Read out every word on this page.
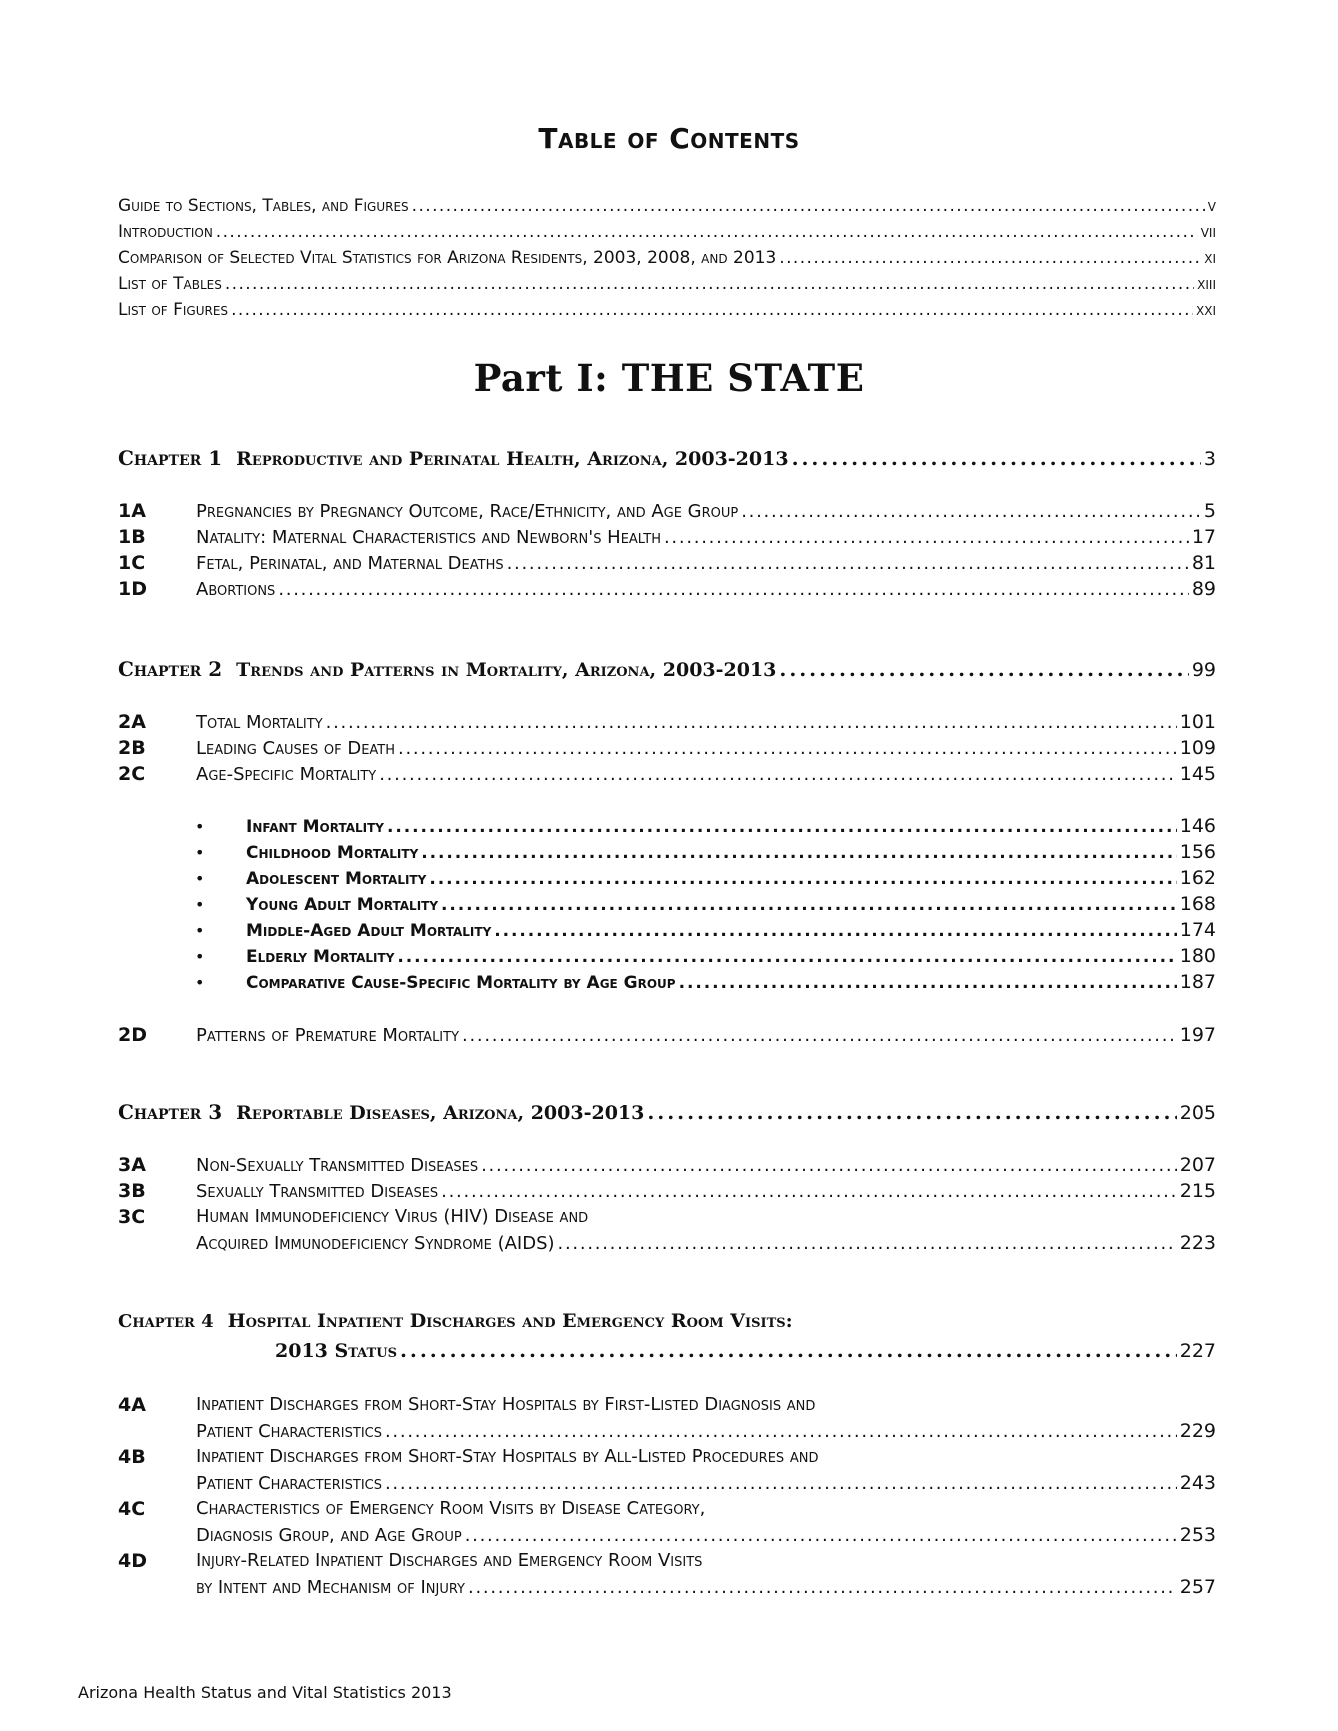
Table of Contents
Guide to Sections, Tables, and Figures . . .	v
Introduction . . .	vii
Comparison of Selected Vital Statistics for Arizona Residents, 2003, 2008, and 2013 . . .	xi
List of Tables . . .	xiii
List of Figures . . .	xxi
Part I: THE STATE
Chapter 1 Reproductive and Perinatal Health, Arizona, 2003-2013 . . .	3
1A	Pregnancies by Pregnancy Outcome, Race/Ethnicity, and Age Group . . .	5
1B	Natality: Maternal Characteristics and Newborn's Health . . .	17
1C	Fetal, Perinatal, and Maternal Deaths . . .	81
1D	Abortions . . .	89
Chapter 2 Trends and Patterns in Mortality, Arizona, 2003-2013 . . .	99
2A	Total Mortality . . .	101
2B	Leading Causes of Death . . .	109
2C	Age-Specific Mortality . . .	145
• Infant Mortality . . .	146
• Childhood Mortality . . .	156
• Adolescent Mortality . . .	162
• Young Adult Mortality . . .	168
• Middle-Aged Adult Mortality . . .	174
• Elderly Mortality . . .	180
• Comparative Cause-Specific Mortality by Age Group . . .	187
2D	Patterns of Premature Mortality . . .	197
Chapter 3 Reportable Diseases, Arizona, 2003-2013 . . .	205
3A	Non-Sexually Transmitted Diseases . . .	207
3B	Sexually Transmitted Diseases . . .	215
3C	Human Immunodeficiency Virus (HIV) Disease and
Acquired Immunodeficiency Syndrome (AIDS) . . .	223
Chapter 4 Hospital Inpatient Discharges and Emergency Room Visits:
2013 Status . . .	227
4A	Inpatient Discharges from Short-Stay Hospitals by First-Listed Diagnosis and
Patient Characteristics . . .	229
4B	Inpatient Discharges from Short-Stay Hospitals by All-Listed Procedures and
Patient Characteristics . . .	243
4C	Characteristics of Emergency Room Visits by Disease Category,
Diagnosis Group, and Age Group . . .	253
4D	Injury-Related Inpatient Discharges and Emergency Room Visits
by Intent and Mechanism of Injury . . .	257
Arizona Health Status and Vital Statistics 2013
